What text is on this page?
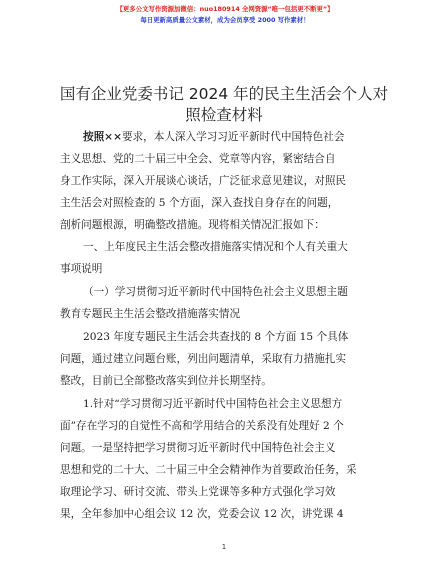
【更多公文写作资源加微信：nuo180914 全网资源“唯一包括更不断更”】
每日更新高质量公文素材，成为会员享受 2000 写作素材！
国有企业党委书记 2024 年的民主生活会个人对
照检查材料
按照××要求，本人深入学习习近平新时代中国特色社会
主义思想、党的二十届三中全会、党章等内容，紧密结合自
身工作实际，深入开展谈心谈话，广泛征求意见建议，对照民
主生活会对照检查的 5 个方面，深入查找自身存在的问题，
剖析问题根源，明确整改措施。现将相关情况汇报如下：
一、上年度民主生活会整改措施落实情况和个人有关重大
事项说明
（一）学习贯彻习近平新时代中国特色社会主义思想主题
教育专题民主生活会整改措施落实情况
2023 年度专题民主生活会共查找的 8 个方面 15 个具体
问题，通过建立问题台账，列出问题清单，采取有力措施扎实
整改，目前已全部整改落实到位并长期坚持。
1.针对“学习贯彻习近平新时代中国特色社会主义思想方
面”存在学习的自觉性不高和学用结合的关系没有处理好 2 个
问题。一是坚持把学习贯彻习近平新时代中国特色社会主义
思想和党的二十大、二十届三中全会精神作为首要政治任务，采
取理论学习、研讨交流、带头上党课等多种方式强化学习效
果，全年参加中心组会议 12 次，党委会议 12 次，讲党课 4
1
